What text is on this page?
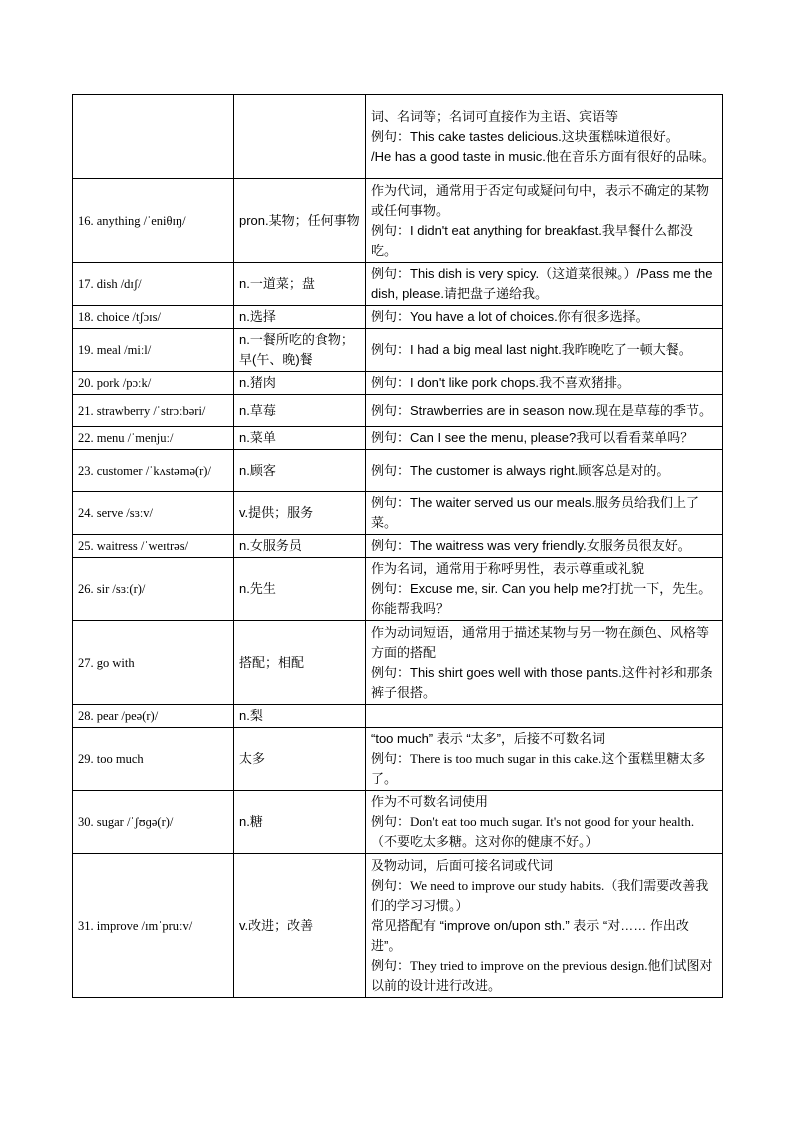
		词、名词等；名词可直接作为主语、宾语等
例句：This cake tastes delicious.这块蛋糕味道很好。
/He has a good taste in music.他在音乐方面有很好的品味。

16. anything /ˈeniθɪŋ/	pron.某物；任何事物	作为代词，通常用于否定句或疑问句中，表示不确定的某物或任何事物。
例句：I didn't eat anything for breakfast.我早餐什么都没吃。

17. dish /dɪʃ/	n.一道菜；盘	例句：This dish is very spicy.（这道菜很辣。）/Pass me the dish, please.请把盘子递给我。

18. choice /tʃɔɪs/	n.选择	例句：You have a lot of choices.你有很多选择。

19. meal /miːl/	n.一餐所吃的食物；早(午、晚)餐	例句：I had a big meal last night.我昨晚吃了一顿大餐。

20. pork /pɔːk/	n.猪肉	例句：I don't like pork chops.我不喜欢猪排。

21. strawberry /ˈstrɔːbəri/	n.草莓	例句：Strawberries are in season now.现在是草莓的季节。

22. menu /ˈmenjuː/	n.菜单	例句：Can I see the menu, please?我可以看看菜单吗？

23. customer /ˈkʌstəmə(r)/	n.顾客	例句：The customer is always right.顾客总是对的。

24. serve /sɜːv/	v.提供；服务	例句：The waiter served us our meals.服务员给我们上了菜。

25. waitress /ˈweɪtrəs/	n.女服务员	例句：The waitress was very friendly.女服务员很友好。

26. sir /sɜː(r)/	n.先生	作为名词，通常用于称呼男性，表示尊重或礼貌
例句：Excuse me, sir. Can you help me?打扰一下，先生。你能帮我吗？

27. go with	搭配；相配	作为动词短语，通常用于描述某物与另一物在颜色、风格等方面的搭配
例句：This shirt goes well with those pants.这件衬衫和那条裤子很搭。

28. pear /peə(r)/	n.梨	
29. too much	太多	“too much” 表示 “太多”，后接不可数名词
例句：There is too much sugar in this cake.这个蛋糕里糖太多了。

30. sugar /ˈʃʊɡə(r)/	n.糖	作为不可数名词使用
例句：Don't eat too much sugar. It's not good for your health.（不要吃太多糖。这对你的健康不好。）

31. improve /ɪmˈpruːv/	v.改进；改善	及物动词，后面可接名词或代词
例句：We need to improve our study habits.（我们需要改善我们的学习习惯。）
常见搭配有 “improve on/upon sth.” 表示 “对…… 作出改进”。
例句：They tried to improve on the previous design.他们试图对以前的设计进行改进。
